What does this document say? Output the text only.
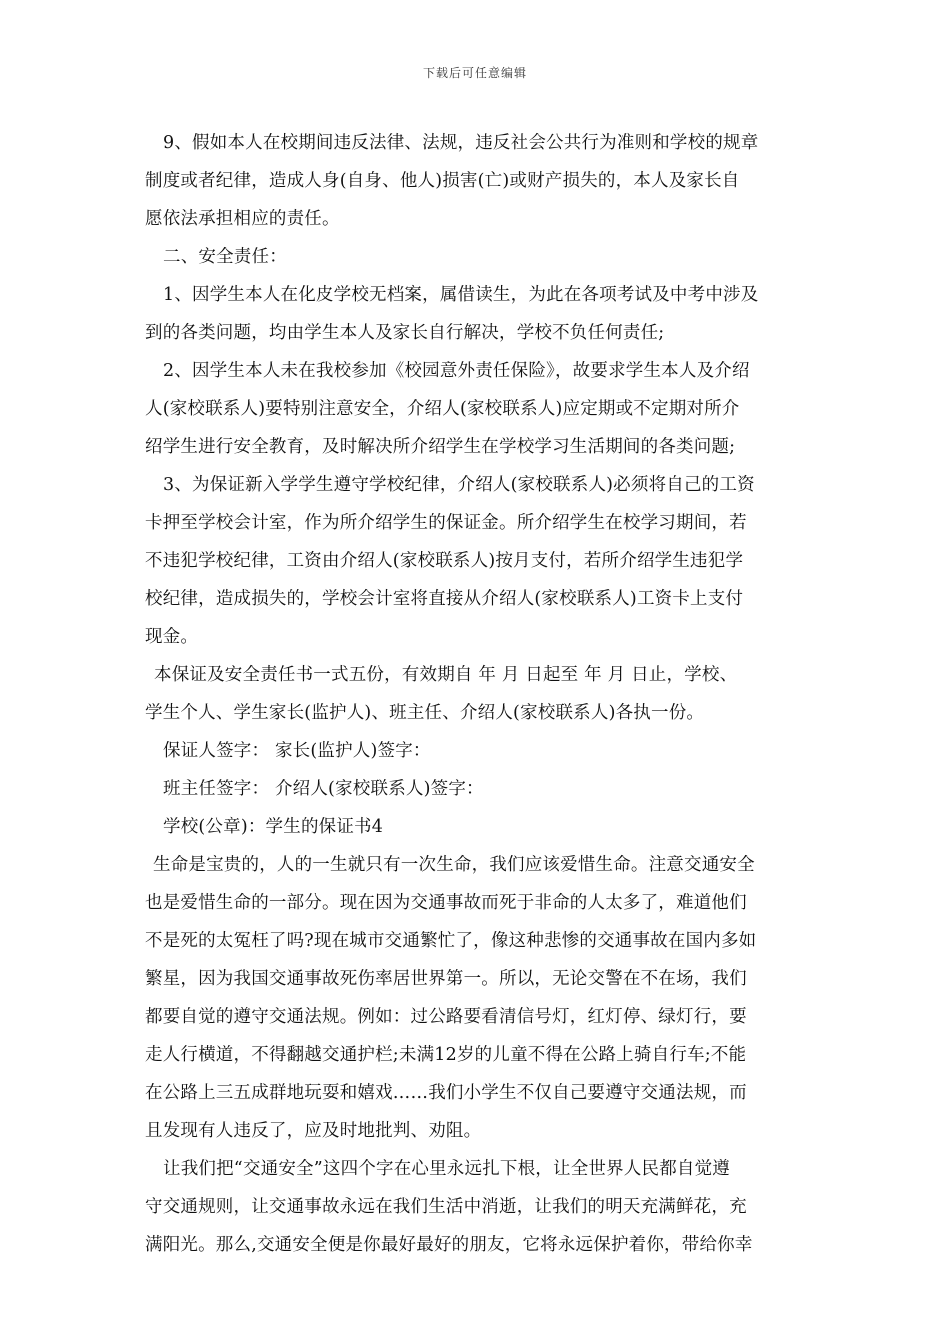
下载后可任意编辑
9、假如本人在校期间违反法律、法规，违反社会公共行为准则和学校的规章
制度或者纪律，造成人身(自身、他人)损害(亡)或财产损失的，本人及家长自
愿依法承担相应的责任。
二、安全责任：
1、因学生本人在化皮学校无档案，属借读生，为此在各项考试及中考中涉及
到的各类问题，均由学生本人及家长自行解决，学校不负任何责任;
2、因学生本人未在我校参加《校园意外责任保险》，故要求学生本人及介绍
人(家校联系人)要特别注意安全，介绍人(家校联系人)应定期或不定期对所介
绍学生进行安全教育，及时解决所介绍学生在学校学习生活期间的各类问题;
3、为保证新入学学生遵守学校纪律，介绍人(家校联系人)必须将自己的工资
卡押至学校会计室，作为所介绍学生的保证金。所介绍学生在校学习期间，若
不违犯学校纪律，工资由介绍人(家校联系人)按月支付，若所介绍学生违犯学
校纪律，造成损失的，学校会计室将直接从介绍人(家校联系人)工资卡上支付
现金。
本保证及安全责任书一式五份，有效期自 年 月 日起至 年 月 日止，学校、
学生个人、学生家长(监护人)、班主任、介绍人(家校联系人)各执一份。
保证人签字： 家长(监护人)签字：
班主任签字： 介绍人(家校联系人)签字：
学校(公章)：学生的保证书4
生命是宝贵的，人的一生就只有一次生命，我们应该爱惜生命。注意交通安全
也是爱惜生命的一部分。现在因为交通事故而死于非命的人太多了，难道他们
不是死的太冤枉了吗?现在城市交通繁忙了，像这种悲惨的交通事故在国内多如
繁星，因为我国交通事故死伤率居世界第一。所以，无论交警在不在场，我们
都要自觉的遵守交通法规。例如：过公路要看清信号灯，红灯停、绿灯行，要
走人行横道，不得翻越交通护栏;未满12岁的儿童不得在公路上骑自行车;不能
在公路上三五成群地玩耍和嬉戏……我们小学生不仅自己要遵守交通法规，而
且发现有人违反了，应及时地批判、劝阻。
让我们把“交通安全”这四个字在心里永远扎下根，让全世界人民都自觉遵
守交通规则，让交通事故永远在我们生活中消逝，让我们的明天充满鲜花，充
满阳光。那么,交通安全便是你最好最好的朋友，它将永远保护着你，带给你幸
